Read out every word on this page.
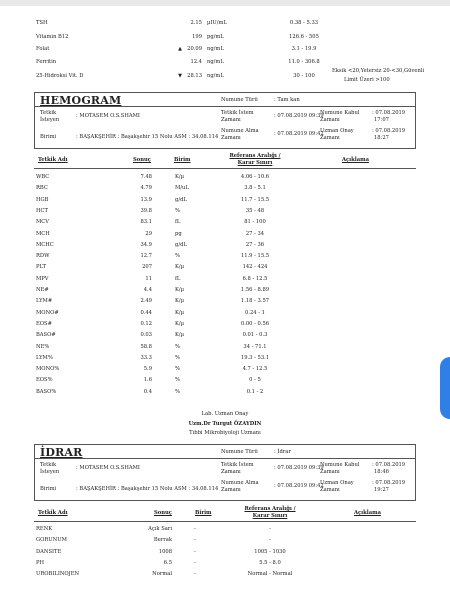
TSH	2.15 µIU/mL	0.38 - 5.33
Vitamin B12	199 pg/mL	126.6 - 505
Folat	▲ 20.09 ng/mL	3.1 - 19.9
Ferritin	12.4 ng/mL	11.0 - 306.8
25-Hidroksi Vit. D	▼ 28.13 ng/mL	30 - 100
Eksik <20,Yetersiz 20-<30,Güvenli
Limit Üzeri >100
HEMOGRAM	Numune Türü	: Tam kan
Tetkik
İsteyen
: MOTASEM O.S.SHAMI	Tetkik İstem
Zamanı
: 07.08.2019 09:39
Numune Kabul
Zamanı
: 07.08.2019
17:07
Birimi	: BAŞAKŞEHİR : Başakşehir 15 Nolu ASM : 34.08.114
Numune Alma
Zamanı
: 07.08.2019 09:42
Uzman Onay
Zamanı
: 07.08.2019
18:27
Tetkik Adı	Sonuç	Birim
Referans Aralığı /
Karar Sınırı	Açıklama
WBC	7.48	K/µ	4.06 - 10.6
RBC	4.79	M/uL	3.8 - 5.1
HGB	13.9	g/dL	11.7 - 15.5
HCT	39.8	%	35 - 48
MCV	83.1	fL	81 - 100
MCH	29	pg	27 - 34
MCHC	34.9	g/dL	27 - 36
RDW	12.7	%	11.9 - 15.5
PLT	207	K/µ	142 - 424
MPV	11	fL	6.8 - 12.5
NE#	4.4	K/µ	1.56 - 8.89
LYM#	2.49	K/µ	1.18 - 3.57
MONO#	0.44	K/µ	0.24 - 1
EOS#	0.12	K/µ	0.00 - 0.56
BASO#	0.03	K/µ	0.01 - 0.3
NE%	58.8	%	34 - 71.1
LYM%	33.3	%	19.3 - 53.1
MONO%	5.9	%	4.7 - 12.5
EOS%	1.6	%	0 - 5
BASO%	0.4	%	0.1 - 2
Lab. Uzman Onay
Uzm.Dr Turgut ÖZAYDIN
Tıbbi Mikrobiyoloji Uzmanı
İDRAR	Numune Türü	: İdrar
Tetkik
İsteyen
: MOTASEM O.S.SHAMI	Tetkik İstem
Zamanı
: 07.08.2019 09:39
Numune Kabul
Zamanı
: 07.08.2019
18:46
Birimi	: BAŞAKŞEHİR : Başakşehir 15 Nolu ASM : 34.08.114
Numune Alma
Zamanı
: 07.08.2019 09:42
Uzman Onay
Zamanı
: 07.08.2019
19:27
Tetkik Adı	Sonuç	Birim
Referans Aralığı /
Karar Sınırı	Açıklama
RENK	Açık Sarı	-	-
GORUNUM	Berrak	-	-
DANSITE	1008	-	1005 - 1030
PH	6.5	-	5.5 - 8.0
UROBILINOJEN	Normal	-	Normal - Normal
